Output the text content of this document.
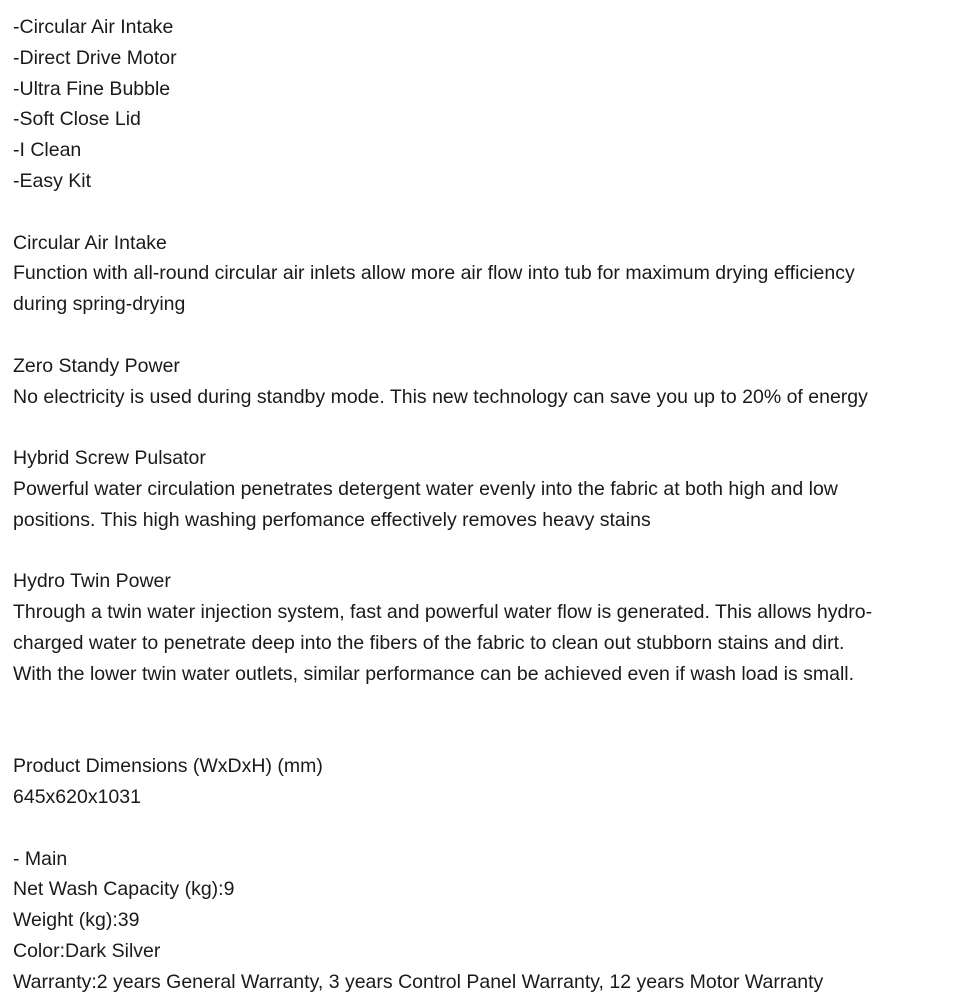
-Circular Air Intake
-Direct Drive Motor
-Ultra Fine Bubble
-Soft Close Lid
-I Clean
-Easy Kit
Circular Air Intake
Function with all-round circular air inlets allow more air flow into tub for maximum drying efficiency
during spring-drying
Zero Standy Power
No electricity is used during standby mode. This new technology can save you up to 20% of energy
Hybrid Screw Pulsator
Powerful water circulation penetrates detergent water evenly into the fabric at both high and low
positions. This high washing perfomance effectively removes heavy stains
Hydro Twin Power
Through a twin water injection system, fast and powerful water flow is generated. This allows hydro-
charged water to penetrate deep into the fibers of the fabric to clean out stubborn stains and dirt.
With the lower twin water outlets, similar performance can be achieved even if wash load is small.
Product Dimensions (WxDxH) (mm)
645x620x1031
- Main
Net Wash Capacity (kg):9
Weight (kg):39
Color:Dark Silver
Warranty:2 years General Warranty, 3 years Control Panel Warranty, 12 years Motor Warranty
